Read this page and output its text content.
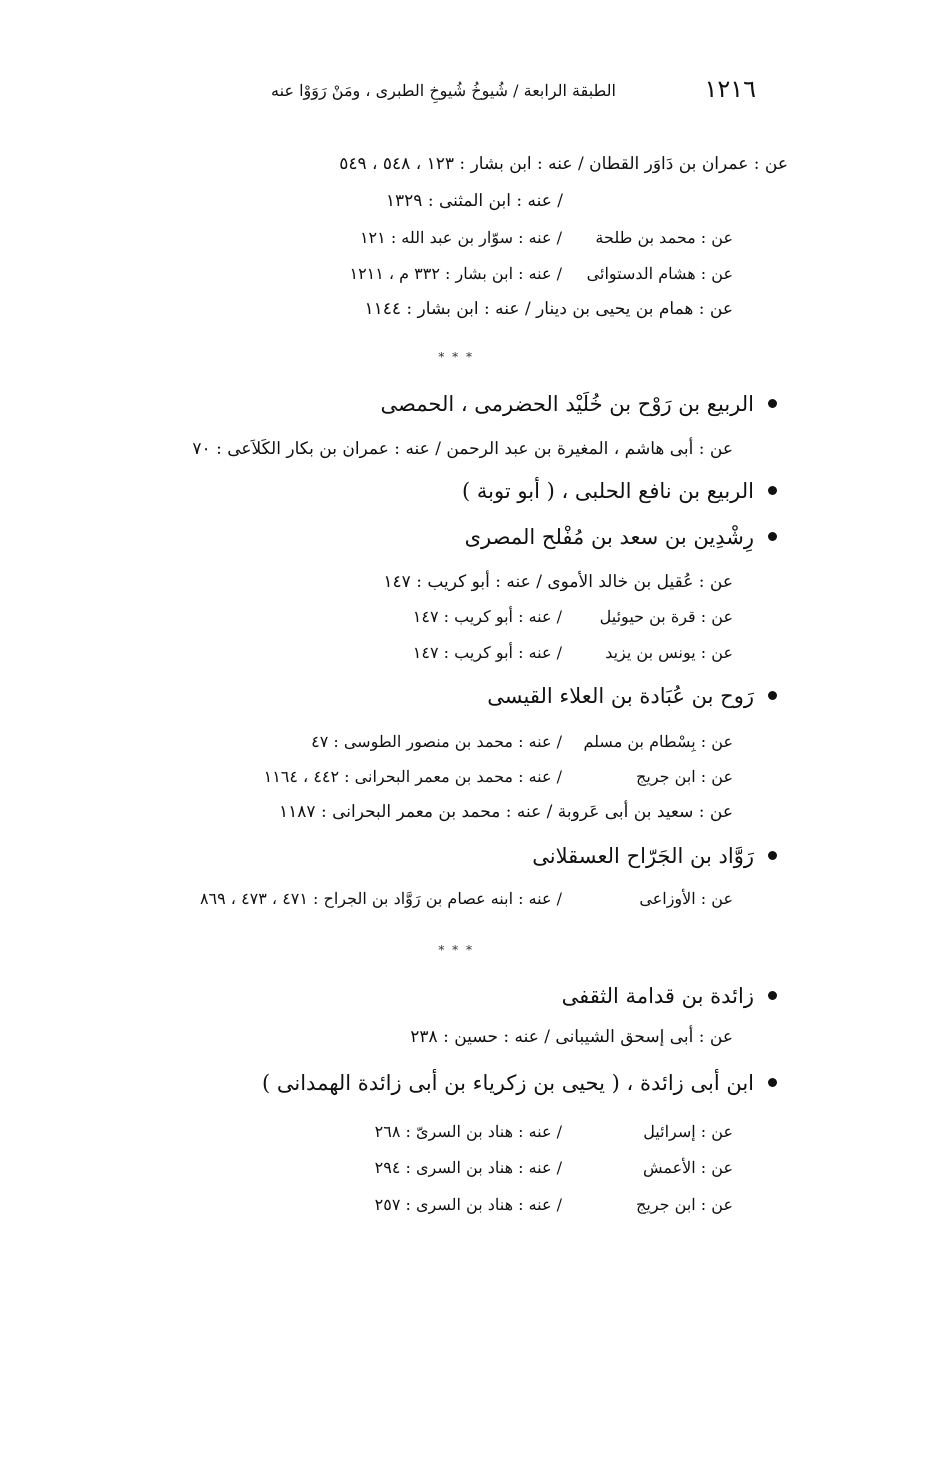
١٢١٦
الطبقة الرابعة / شُيوخُ شُيوخِ الطبرى ، ومَنْ رَوَوْا عنه
عن : عمران بن دَاوَر القطان / عنه : ابن بشار : ١٢٣ ، ٥٤٨ ، ٥٤٩
/ عنه : ابن المثنى : ١٣٢٩
عن : محمد بن طلحة
/ عنه : سوّار بن عبد الله : ١٢١
عن : هشام الدستوائى
/ عنه : ابن بشار : ٣٣٢ م ، ١٢١١
عن : همام بن يحيى بن دينار / عنه : ابن بشار : ١١٤٤
* * *
الربيع بن رَوْح بن خُلَيْد الحضرمى ، الحمصى
عن : أبى هاشم ، المغيرة بن عبد الرحمن / عنه : عمران بن بكار الكَلاَعى : ٧٠
الربيع بن نافع الحلبى ، ( أبو توبة )
رِشْدِين بن سعد بن مُفْلح المصرى
عن : عُقيل بن خالد الأموى / عنه : أبو كريب : ١٤٧
عن : قرة بن حيوئيل
/ عنه : أبو كريب : ١٤٧
عن : يونس بن يزيد
/ عنه : أبو كريب : ١٤٧
رَوح بن عُبَادة بن العلاء القيسى
عن : بِسْطام بن مسلم
/ عنه : محمد بن منصور الطوسى : ٤٧
عن : ابن جريج
/ عنه : محمد بن معمر البحرانى : ٤٤٢ ، ١١٦٤
عن : سعيد بن أبى عَروبة / عنه : محمد بن معمر البحرانى : ١١٨٧
رَوَّاد بن الجَرّاح العسقلانى
عن : الأوزاعى
/ عنه : ابنه عصام بن رَوَّاد بن الجراح : ٤٧١ ، ٤٧٣ ، ٨٦٩
* * *
زائدة بن قدامة الثقفى
عن : أبى إسحق الشيبانى / عنه : حسين : ٢٣٨
ابن أبى زائدة ، ( يحيى بن زكرياء بن أبى زائدة الهمدانى )
عن : إسرائيل
/ عنه : هناد بن السرىّ : ٢٦٨
عن : الأعمش
/ عنه : هناد بن السرى : ٢٩٤
عن : ابن جريج
/ عنه : هناد بن السرى : ٢٥٧
